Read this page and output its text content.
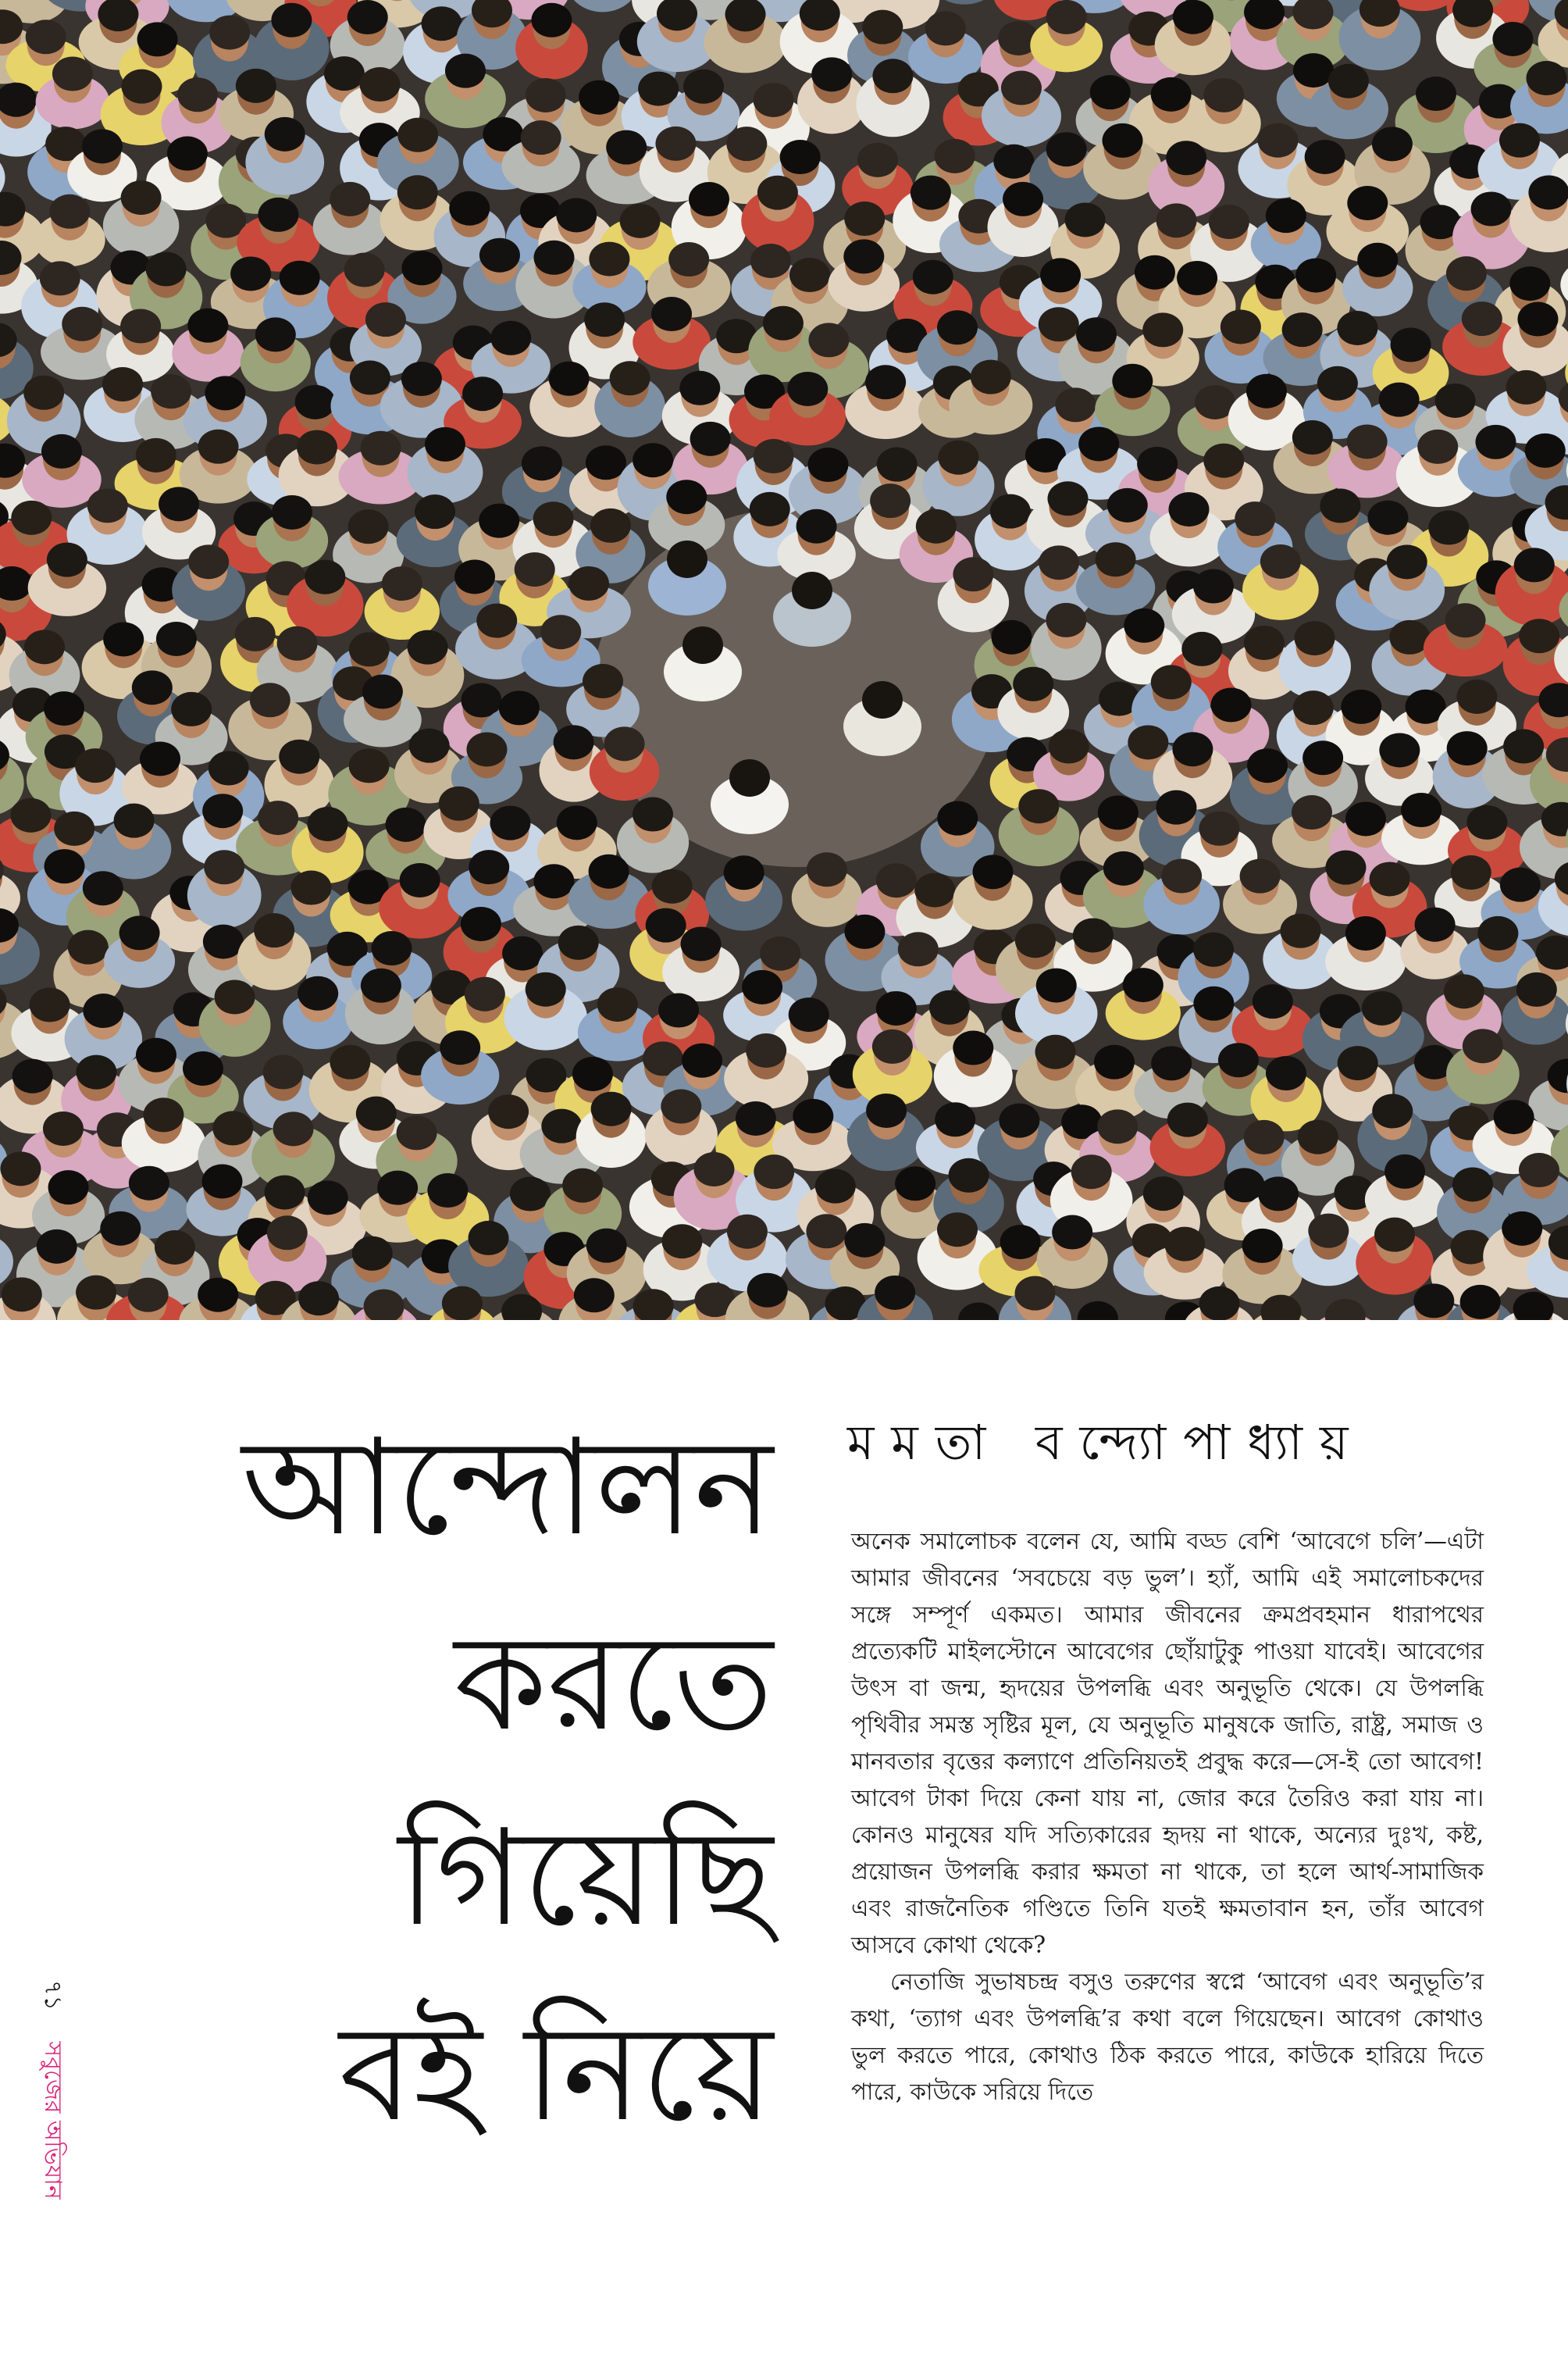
আন্দোলন
করতে
গিয়েছি
বই নিয়ে
মমতা বন্দ্যোপাধ্যায়

অনেক সমালোচক বলেন যে, আমি বড্ড বেশি ‘আবেগে চলি’—এটা আমার জীবনের ‘সবচেয়ে বড় ভুল’। হ্যাঁ, আমি এই সমালোচকদের সঙ্গে সম্পূর্ণ একমত। আমার জীবনের ক্রমপ্রবহমান ধারাপথের প্রত্যেকটি মাইলস্টোনে আবেগের ছোঁয়াটুকু পাওয়া যাবেই। আবেগের উৎস বা জন্ম, হৃদয়ের উপলব্ধি এবং অনুভূতি থেকে। যে উপলব্ধি পৃথিবীর সমস্ত সৃষ্টির মূল, যে অনুভূতি মানুষকে জাতি, রাষ্ট্র, সমাজ ও মানবতার বৃত্তের কল্যাণে প্রতিনিয়তই প্রবুদ্ধ করে—সে-ই তো আবেগ! আবেগ টাকা দিয়ে কেনা যায় না, জোর করে তৈরিও করা যায় না। কোনও মানুষের যদি সত্যিকারের হৃদয় না থাকে, অন্যের দুঃখ, কষ্ট, প্রয়োজন উপলব্ধি করার ক্ষমতা না থাকে, তা হলে আর্থ-সামাজিক এবং রাজনৈতিক গণ্ডিতে তিনি যতই ক্ষমতাবান হন, তাঁর আবেগ আসবে কোথা থেকে?

নেতাজি সুভাষচন্দ্র বসুও তরুণের স্বপ্নে ‘আবেগ এবং অনুভূতি’র কথা, ‘ত্যাগ এবং উপলব্ধি’র কথা বলে গিয়েছেন। আবেগ কোথাও ভুল করতে পারে, কোথাও ঠিক করতে পারে, কাউকে হারিয়ে দিতে পারে, কাউকে সরিয়ে দিতে

৭১ সবুজের অভিযান
